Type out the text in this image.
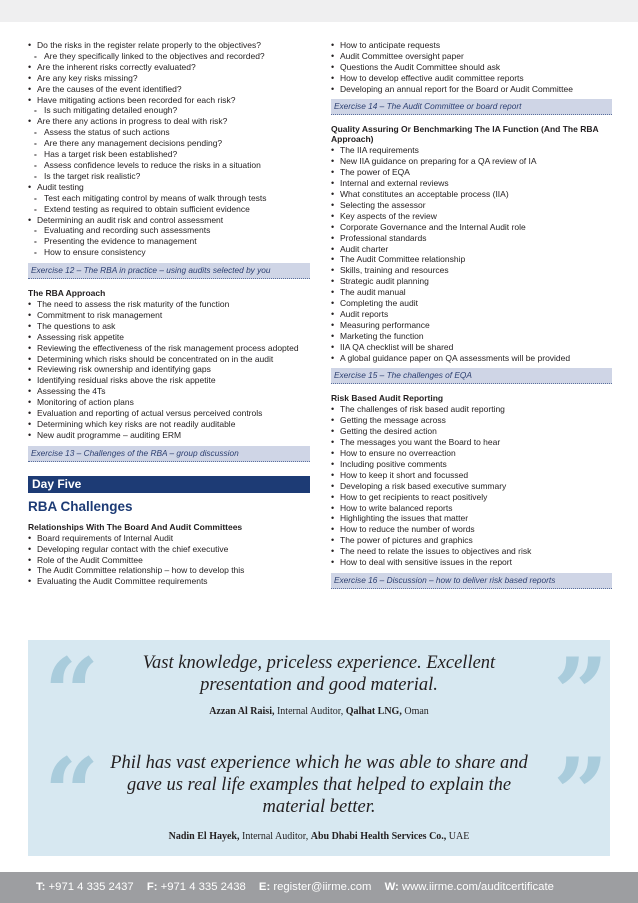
• Do the risks in the register relate properly to the objectives?
- Are they specifically linked to the objectives and recorded?
• Are the inherent risks correctly evaluated?
• Are any key risks missing?
• Are the causes of the event identified?
• Have mitigating actions been recorded for each risk?
- Is such mitigating detailed enough?
• Are there any actions in progress to deal with risk?
- Assess the status of such actions
- Are there any management decisions pending?
- Has a target risk been established?
- Assess confidence levels to reduce the risks in a situation
- Is the target risk realistic?
• Audit testing
- Test each mitigating control by means of walk through tests
- Extend testing as required to obtain sufficient evidence
• Determining an audit risk and control assessment
- Evaluating and recording such assessments
- Presenting the evidence to management
- How to ensure consistency
Exercise 12 – The RBA in practice – using audits selected by you
The RBA Approach
• The need to assess the risk maturity of the function
• Commitment to risk management
• The questions to ask
• Assessing risk appetite
• Reviewing the effectiveness of the risk management process adopted
• Determining which risks should be concentrated on in the audit
• Reviewing risk ownership and identifying gaps
• Identifying residual risks above the risk appetite
• Assessing the 4Ts
• Monitoring of action plans
• Evaluation and reporting of actual versus perceived controls
• Determining which key risks are not readily auditable
• New audit programme – auditing ERM
Exercise 13 – Challenges of the RBA – group discussion
Day Five
RBA Challenges
Relationships With The Board And Audit Committees
• Board requirements of Internal Audit
• Developing regular contact with the chief executive
• Role of the Audit Committee
• The Audit Committee relationship – how to develop this
• Evaluating the Audit Committee requirements
• How to anticipate requests
• Audit Committee oversight paper
• Questions the Audit Committee should ask
• How to develop effective audit committee reports
• Developing an annual report for the Board or Audit Committee
Exercise 14 – The Audit Committee or board report
Quality Assuring Or Benchmarking The IA Function (And The RBA Approach)
• The IIA requirements
• New IIA guidance on preparing for a QA review of IA
• The power of EQA
• Internal and external reviews
• What constitutes an acceptable process (IIA)
• Selecting the assessor
• Key aspects of the review
• Corporate Governance and the Internal Audit role
• Professional standards
• Audit charter
• The Audit Committee relationship
• Skills, training and resources
• Strategic audit planning
• The audit manual
• Completing the audit
• Audit reports
• Measuring performance
• Marketing the function
• IIA QA checklist will be shared
• A global guidance paper on QA assessments will be provided
Exercise 15 – The challenges of EQA
Risk Based Audit Reporting
• The challenges of risk based audit reporting
• Getting the message across
• Getting the desired action
• The messages you want the Board to hear
• How to ensure no overreaction
• Including positive comments
• How to keep it short and focussed
• Developing a risk based executive summary
• How to get recipients to react positively
• How to write balanced reports
• Highlighting the issues that matter
• How to reduce the number of words
• The power of pictures and graphics
• The need to relate the issues to objectives and risk
• How to deal with sensitive issues in the report
Exercise 16 – Discussion – how to deliver risk based reports
“	”
Vast knowledge, priceless experience. Excellent presentation and good material.
Azzan Al Raisi, Internal Auditor, Qalhat LNG, Oman
“	”
Phil has vast experience which he was able to share and gave us real life examples that helped to explain the material better.
Nadin El Hayek, Internal Auditor, Abu Dhabi Health Services Co., UAE
T: +971 4 335 2437 F: +971 4 335 2438 E: register@iirme.com W: www.iirme.com/auditcertificate
